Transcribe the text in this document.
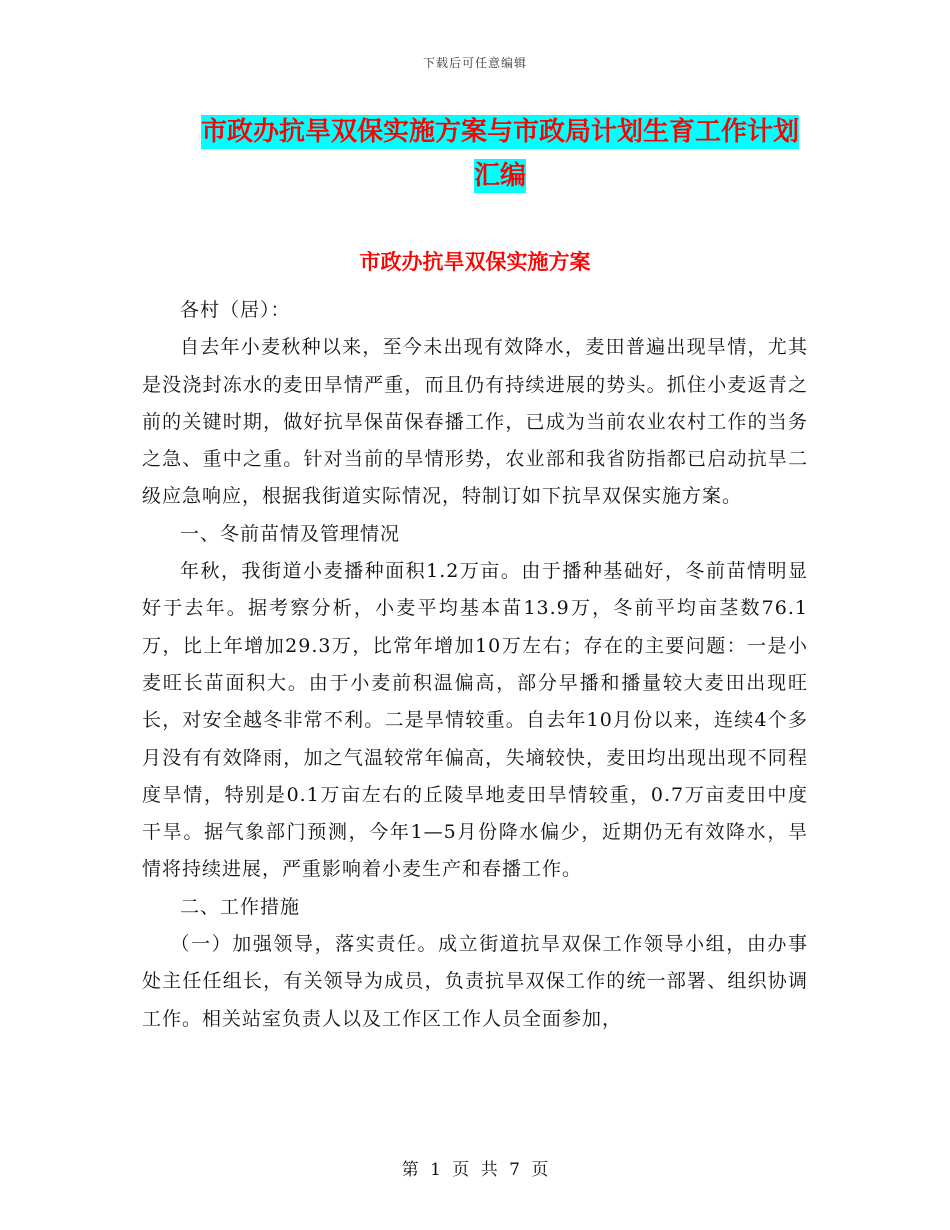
下载后可任意编辑
市政办抗旱双保实施方案与市政局计划生育工作计划
汇编
市政办抗旱双保实施方案

各村（居）：

自去年小麦秋种以来，至今未出现有效降水，麦田普遍出现旱情，尤其是没浇封冻水的麦田旱情严重，而且仍有持续进展的势头。抓住小麦返青之前的关键时期，做好抗旱保苗保春播工作，已成为当前农业农村工作的当务之急、重中之重。针对当前的旱情形势，农业部和我省防指都已启动抗旱二级应急响应，根据我街道实际情况，特制订如下抗旱双保实施方案。

一、冬前苗情及管理情况

年秋，我街道小麦播种面积1.2万亩。由于播种基础好，冬前苗情明显好于去年。据考察分析，小麦平均基本苗13.9万，冬前平均亩茎数76.1万，比上年增加29.3万，比常年增加10万左右；存在的主要问题：一是小麦旺长苗面积大。由于小麦前积温偏高，部分早播和播量较大麦田出现旺长，对安全越冬非常不利。二是旱情较重。自去年10月份以来，连续4个多月没有有效降雨，加之气温较常年偏高，失墒较快，麦田均出现出现不同程度旱情，特别是0.1万亩左右的丘陵旱地麦田旱情较重，0.7万亩麦田中度干旱。据气象部门预测，今年1—5月份降水偏少，近期仍无有效降水，旱情将持续进展，严重影响着小麦生产和春播工作。

二、工作措施

（一）加强领导，落实责任。成立街道抗旱双保工作领导小组，由办事处主任任组长，有关领导为成员，负责抗旱双保工作的统一部署、组织协调工作。相关站室负责人以及工作区工作人员全面参加，

第 1 页 共 7 页
